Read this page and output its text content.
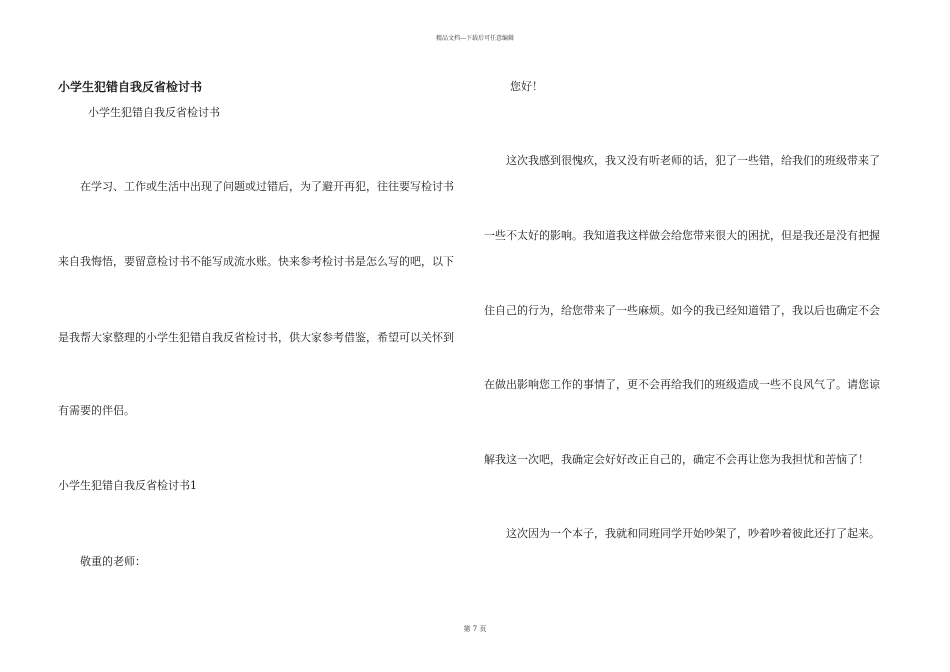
精品文档---下载后可任意编辑
小学生犯错自我反省检讨书
小学生犯错自我反省检讨书
在学习、工作或生活中出现了问题或过错后，为了避开再犯，往往要写检讨书
来自我悔悟，要留意检讨书不能写成流水账。快来参考检讨书是怎么写的吧，以下
是我帮大家整理的小学生犯错自我反省检讨书，供大家参考借鉴，希望可以关怀到
有需要的伴侣。
小学生犯错自我反省检讨书1
敬重的老师：
您好！
这次我感到很愧疚，我又没有听老师的话，犯了一些错，给我们的班级带来了
一些不太好的影响。我知道我这样做会给您带来很大的困扰，但是我还是没有把握
住自己的行为，给您带来了一些麻烦。如今的我已经知道错了，我以后也确定不会
在做出影响您工作的事情了，更不会再给我们的班级造成一些不良风气了。请您谅
解我这一次吧，我确定会好好改正自己的，确定不会再让您为我担忧和苦恼了！
这次因为一个本子，我就和同班同学开始吵架了，吵着吵着彼此还打了起来。
第 7 页
